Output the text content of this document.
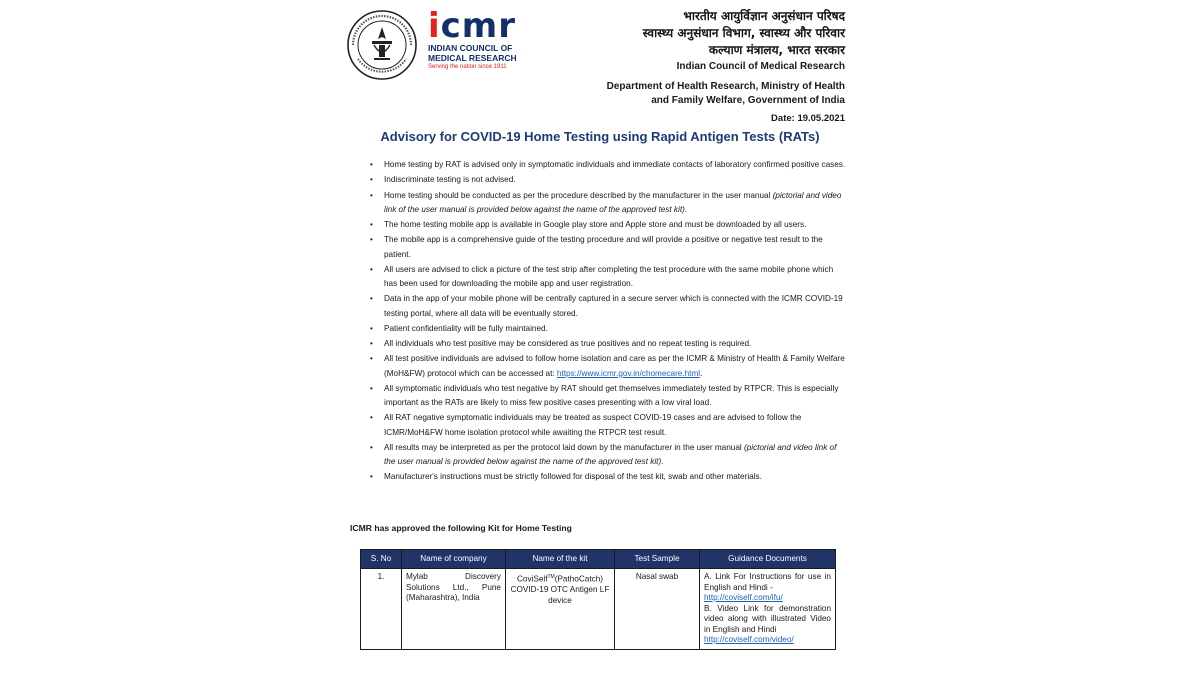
icmr
INDIAN COUNCIL OF
MEDICAL RESEARCH
Serving the nation since 1911
भारतीय आयुर्विज्ञान अनुसंधान परिषद
स्वास्थ्य अनुसंधान विभाग, स्वास्थ्य और परिवार
कल्याण मंत्रालय, भारत सरकार
Indian Council of Medical Research
Department of Health Research, Ministry of Health
and Family Welfare, Government of India
Date: 19.05.2021
Advisory for COVID-19 Home Testing using Rapid Antigen Tests (RATs)
• Home testing by RAT is advised only in symptomatic individuals and immediate contacts of laboratory confirmed positive cases.
• Indiscriminate testing is not advised.
• Home testing should be conducted as per the procedure described by the manufacturer in the user manual (pictorial and video link of the user manual is provided below against the name of the approved test kit).
• The home testing mobile app is available in Google play store and Apple store and must be downloaded by all users.
• The mobile app is a comprehensive guide of the testing procedure and will provide a positive or negative test result to the patient.
• All users are advised to click a picture of the test strip after completing the test procedure with the same mobile phone which has been used for downloading the mobile app and user registration.
• Data in the app of your mobile phone will be centrally captured in a secure server which is connected with the ICMR COVID-19 testing portal, where all data will be eventually stored.
• Patient confidentiality will be fully maintained.
• All individuals who test positive may be considered as true positives and no repeat testing is required.
• All test positive individuals are advised to follow home isolation and care as per the ICMR & Ministry of Health & Family Welfare (MoH&FW) protocol which can be accessed at: https://www.icmr.gov.in/chomecare.html.
• All symptomatic individuals who test negative by RAT should get themselves immediately tested by RTPCR. This is especially important as the RATs are likely to miss few positive cases presenting with a low viral load.
• All RAT negative symptomatic individuals may be treated as suspect COVID-19 cases and are advised to follow the ICMR/MoH&FW home isolation protocol while awaiting the RTPCR test result.
• All results may be interpreted as per the protocol laid down by the manufacturer in the user manual (pictorial and video link of the user manual is provided below against the name of the approved test kit).
• Manufacturer's instructions must be strictly followed for disposal of the test kit, swab and other materials.
ICMR has approved the following Kit for Home Testing
S. No	Name of company	Name of the kit	Test Sample	Guidance Documents
1.	Mylab Discovery Solutions Ltd., Pune (Maharashtra), India	CoviSelf™(PathoCatch) COVID-19 OTC Antigen LF device	Nasal swab	A. Link For Instructions for use in English and Hindi -
http://coviself.com/ifu/
B. Video Link for demonstration video along with illustrated Video in English and Hindi
http://coviself.com/video/
